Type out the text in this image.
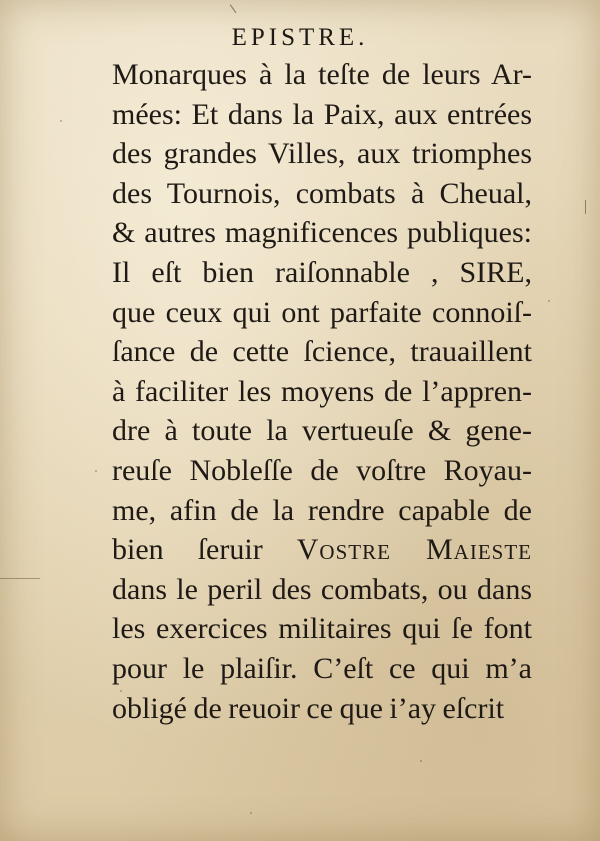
EPISTRE.
Monarques à la teſte de leurs Ar-
mées: Et dans la Paix, aux entrées
des grandes Villes, aux triomphes
des Tournois, combats à Cheual,
& autres magnificences publiques:
Il eſt bien raiſonnable , SIRE,
que ceux qui ont parfaite connoiſ-
ſance de cette ſcience, trauaillent
à faciliter les moyens de l’appren-
dre à toute la vertueuſe & gene-
reuſe Nobleſſe de voſtre Royau-
me, afin de la rendre capable de
bien ſeruir Vostre Maieste
dans le peril des combats, ou dans
les exercices militaires qui ſe font
pour le plaiſir. C’eſt ce qui m’a
obligé de reuoir ce que i’ay eſcrit
